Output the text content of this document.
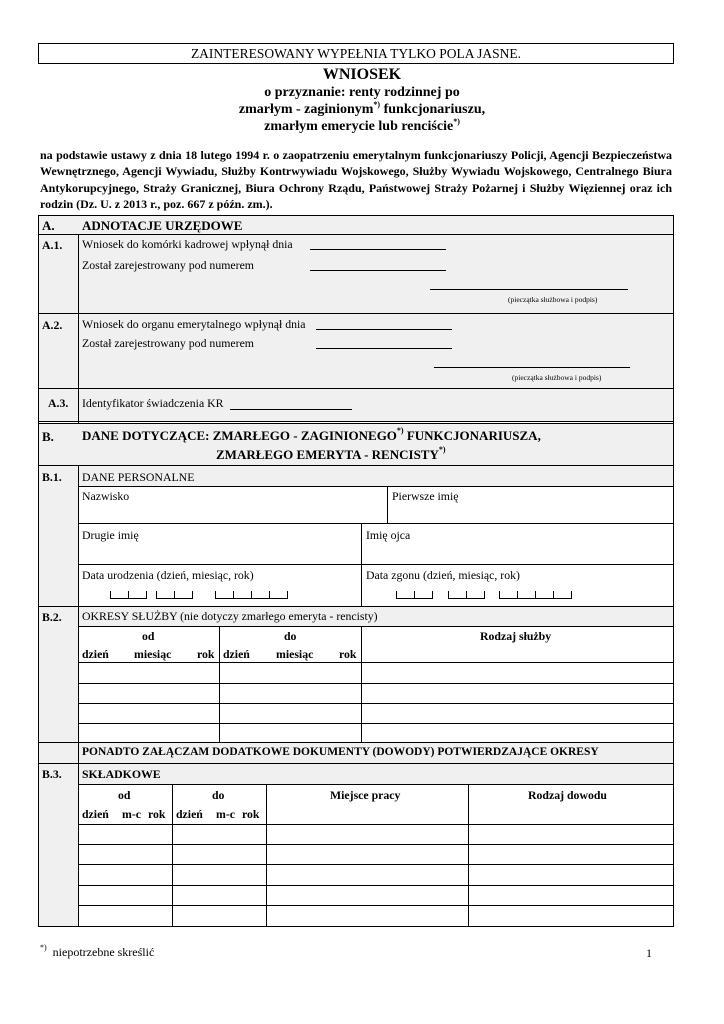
ZAINTERESOWANY WYPEŁNIA TYLKO POLA JASNE.
WNIOSEK
o przyznanie: renty rodzinnej po
zmarłym - zaginionym*) funkcjonariuszu,
zmarłym emerycie lub renciście*)
na podstawie ustawy z dnia 18 lutego 1994 r. o zaopatrzeniu emerytalnym funkcjonariuszy Policji, Agencji Bezpieczeństwa Wewnętrznego, Agencji Wywiadu, Służby Kontrwywiadu Wojskowego, Służby Wywiadu Wojskowego, Centralnego Biura Antykorupcyjnego, Straży Granicznej, Biura Ochrony Rządu, Państwowej Straży Pożarnej i Służby Więziennej oraz ich rodzin (Dz. U. z 2013 r., poz. 667 z późn. zm.).
A. ADNOTACJE URZĘDOWE
A.1. Wniosek do komórki kadrowej wpłynął dnia
Został zarejestrowany pod numerem
(pieczątka służbowa i podpis)
A.2. Wniosek do organu emerytalnego wpłynął dnia
Został zarejestrowany pod numerem
(pieczątka służbowa i podpis)
A.3. Identyfikator świadczenia KR
B. DANE DOTYCZĄCE: ZMARŁEGO - ZAGINIONEGO*) FUNKCJONARIUSZA,
ZMARŁEGO EMERYTA - RENCISTY*)
B.1. DANE PERSONALNE
Nazwisko	Pierwsze imię
Drugie imię	Imię ojca
Data urodzenia (dzień, miesiąc, rok)	Data zgonu (dzień, miesiąc, rok)
B.2. OKRESY SŁUŻBY (nie dotyczy zmarłego emeryta - rencisty)
od	do	Rodzaj służby
dzień miesiąc rok dzień miesiąc rok
PONADTO ZAŁĄCZAM DODATKOWE DOKUMENTY (DOWODY) POTWIERDZAJĄCE OKRESY
B.3. SKŁADKOWE
od	do	Miejsce pracy	Rodzaj dowodu
dzień m-c rok dzień m-c rok
*) niepotrzebne skreślić	1
